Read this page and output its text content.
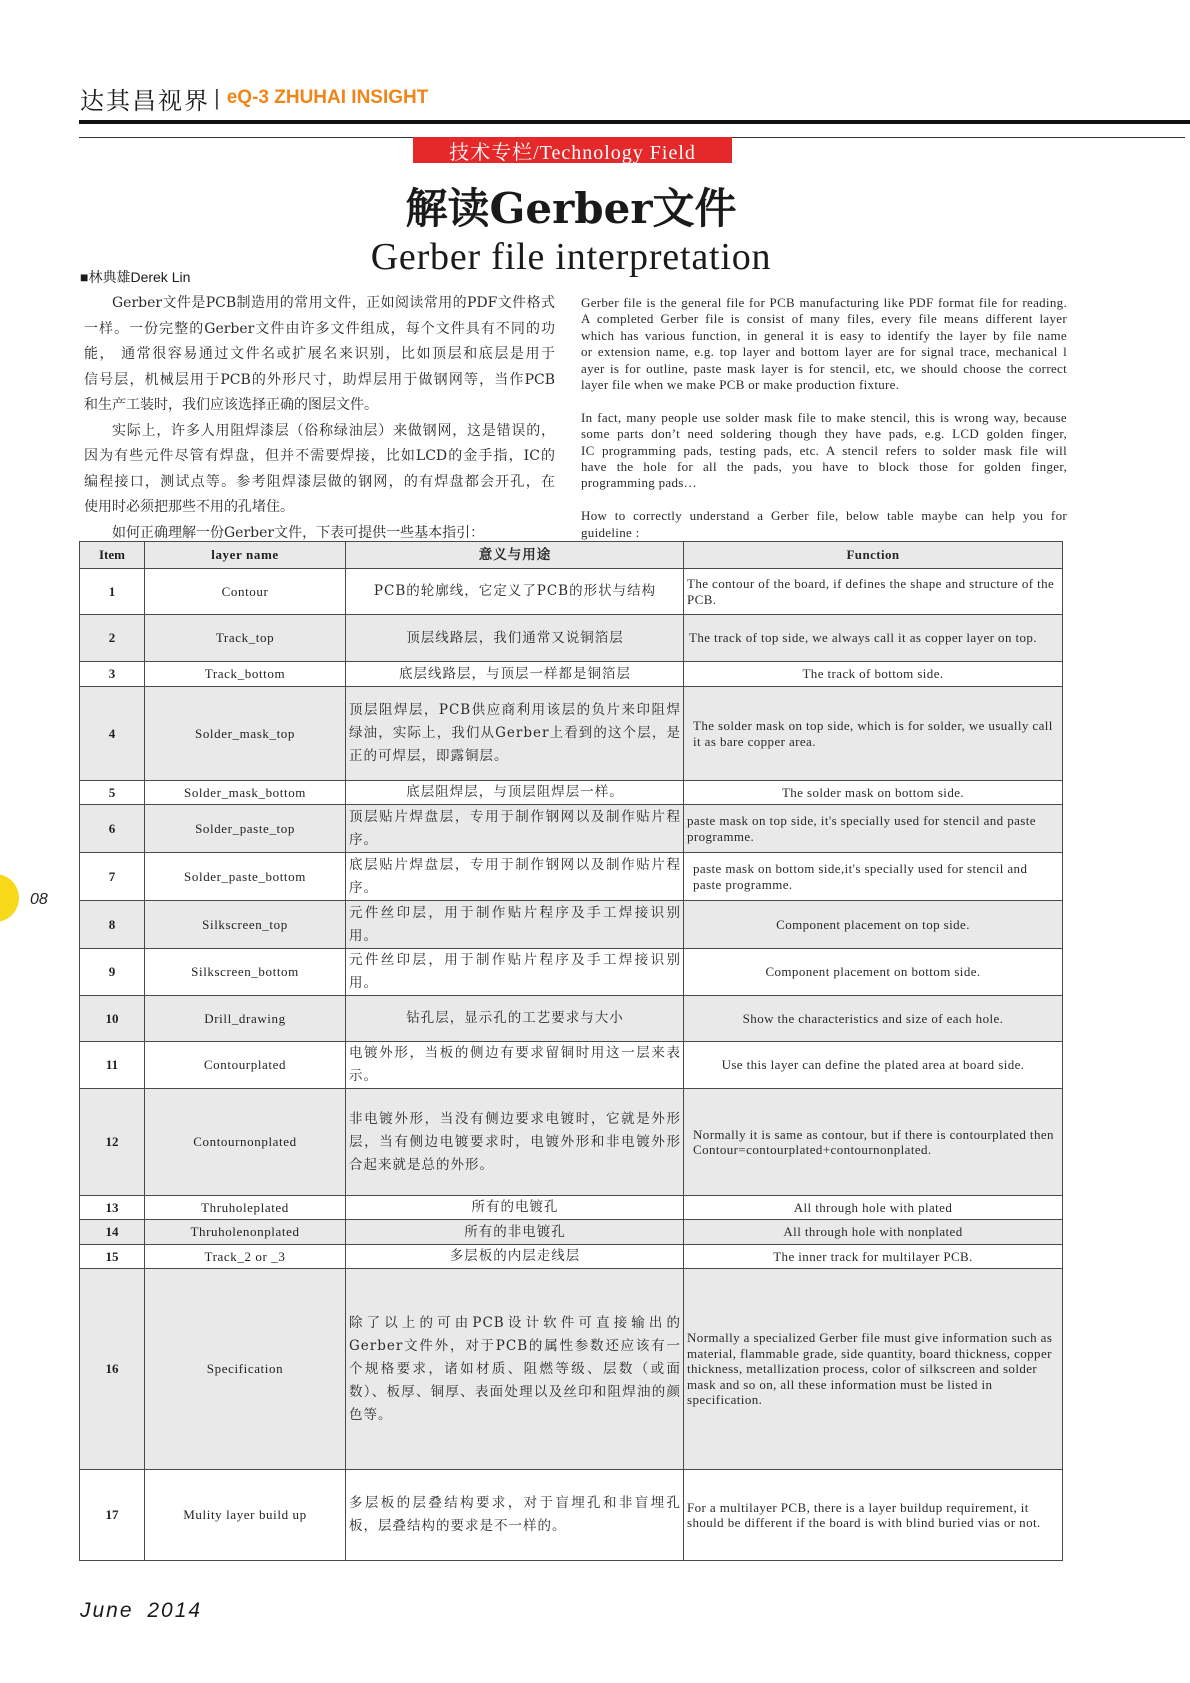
达其昌视界 | eQ-3 ZHUHAI INSIGHT
技术专栏/Technology Field
解读Gerber文件
Gerber file interpretation
■林典雄Derek Lin
Gerber文件是PCB制造用的常用文件，正如阅读常用的PDF文件格式
一样。一份完整的Gerber文件由许多文件组成，每个文件具有不同的功
能， 通常很容易通过文件名或扩展名来识别，比如顶层和底层是用于
信号层，机械层用于PCB的外形尺寸，助焊层用于做钢网等，当作PCB
和生产工装时，我们应该选择正确的图层文件。
实际上，许多人用阻焊漆层（俗称绿油层）来做钢网，这是错误的，
因为有些元件尽管有焊盘，但并不需要焊接，比如LCD的金手指，IC的
编程接口，测试点等。参考阻焊漆层做的钢网，的有焊盘都会开孔，在
使用时必须把那些不用的孔堵住。
如何正确理解一份Gerber文件，下表可提供一些基本指引：
Gerber file is the general file for PCB manufacturing like PDF format file for reading.
A completed Gerber file is consist of many files, every file means different layer
which has various function, in general it is easy to identify the layer by file name
or extension name, e.g. top layer and bottom layer are for signal trace, mechanical l
ayer is for outline, paste mask layer is for stencil, etc, we should choose the correct
layer file when we make PCB or make production fixture.
In fact, many people use solder mask file to make stencil, this is wrong way, because
some parts don’t need soldering though they have pads, e.g. LCD golden finger,
IC programming pads, testing pads, etc. A stencil refers to solder mask file will
have the hole for all the pads, you have to block those for golden finger,
programming pads…
How to correctly understand a Gerber file, below table maybe can help you for
guideline :
Item	layer name	意义与用途	Function
1	Contour	PCB的轮廓线，它定义了PCB的形状与结构	The contour of the board, if defines the shape and structure of the PCB.
2	Track_top	顶层线路层，我们通常又说铜箔层	The track of top side, we always call it as copper layer on top.
3	Track_bottom	底层线路层，与顶层一样都是铜箔层	The track of bottom side.
4	Solder_mask_top
顶层阻焊层，PCB供应商利用该层的负片来印阻焊绿油，实际上，我们从Gerber上看到的这个层，是正的可焊层，即露铜层。
The solder mask on top side, which is for solder, we usually call it as bare copper area.
5	Solder_mask_bottom	底层阻焊层，与顶层阻焊层一样。	The solder mask on bottom side.
6	Solder_paste_top
顶层贴片焊盘层，专用于制作钢网以及制作贴片程序。
paste mask on top side, it's specially used for stencil and paste programme.
7	Solder_paste_bottom
底层贴片焊盘层，专用于制作钢网以及制作贴片程序。
paste mask on bottom side,it's specially used for stencil and paste programme.
8	Silkscreen_top
元件丝印层，用于制作贴片程序及手工焊接识别用。
Component placement on top side.
9	Silkscreen_bottom
元件丝印层，用于制作贴片程序及手工焊接识别用。
Component placement on bottom side.
10	Drill_drawing	钻孔层，显示孔的工艺要求与大小	Show the characteristics and size of each hole.
11	Contourplated
电镀外形，当板的侧边有要求留铜时用这一层来表示。
Use this layer can define the plated area at board side.
12	Contournonplated
非电镀外形，当没有侧边要求电镀时，它就是外形层，当有侧边电镀要求时，电镀外形和非电镀外形合起来就是总的外形。
Normally it is same as contour, but if there is contourplated then Contour=contourplated+contournonplated.
13	Thruholeplated	所有的电镀孔	All through hole with plated
14	Thruholenonplated	所有的非电镀孔	All through hole with nonplated
15	Track_2 or _3	多层板的内层走线层	The inner track for multilayer PCB.
16	Specification
除了以上的可由PCB设计软件可直接输出的Gerber文件外，对于PCB的属性参数还应该有一个规格要求，诸如材质、阻燃等级、层数（或面数）、板厚、铜厚、表面处理以及丝印和阻焊油的颜色等。
Normally a specialized Gerber file must give information such as material, flammable grade, side quantity, board thickness, copper thickness, metallization process, color of silkscreen and solder mask and so on, all these information must be listed in specification.
17	Mulity layer build up
多层板的层叠结构要求，对于盲埋孔和非盲埋孔板，层叠结构的要求是不一样的。
For a multilayer PCB, there is a layer buildup requirement, it should be different if the board is with blind buried vias or not.
08
June 2014
